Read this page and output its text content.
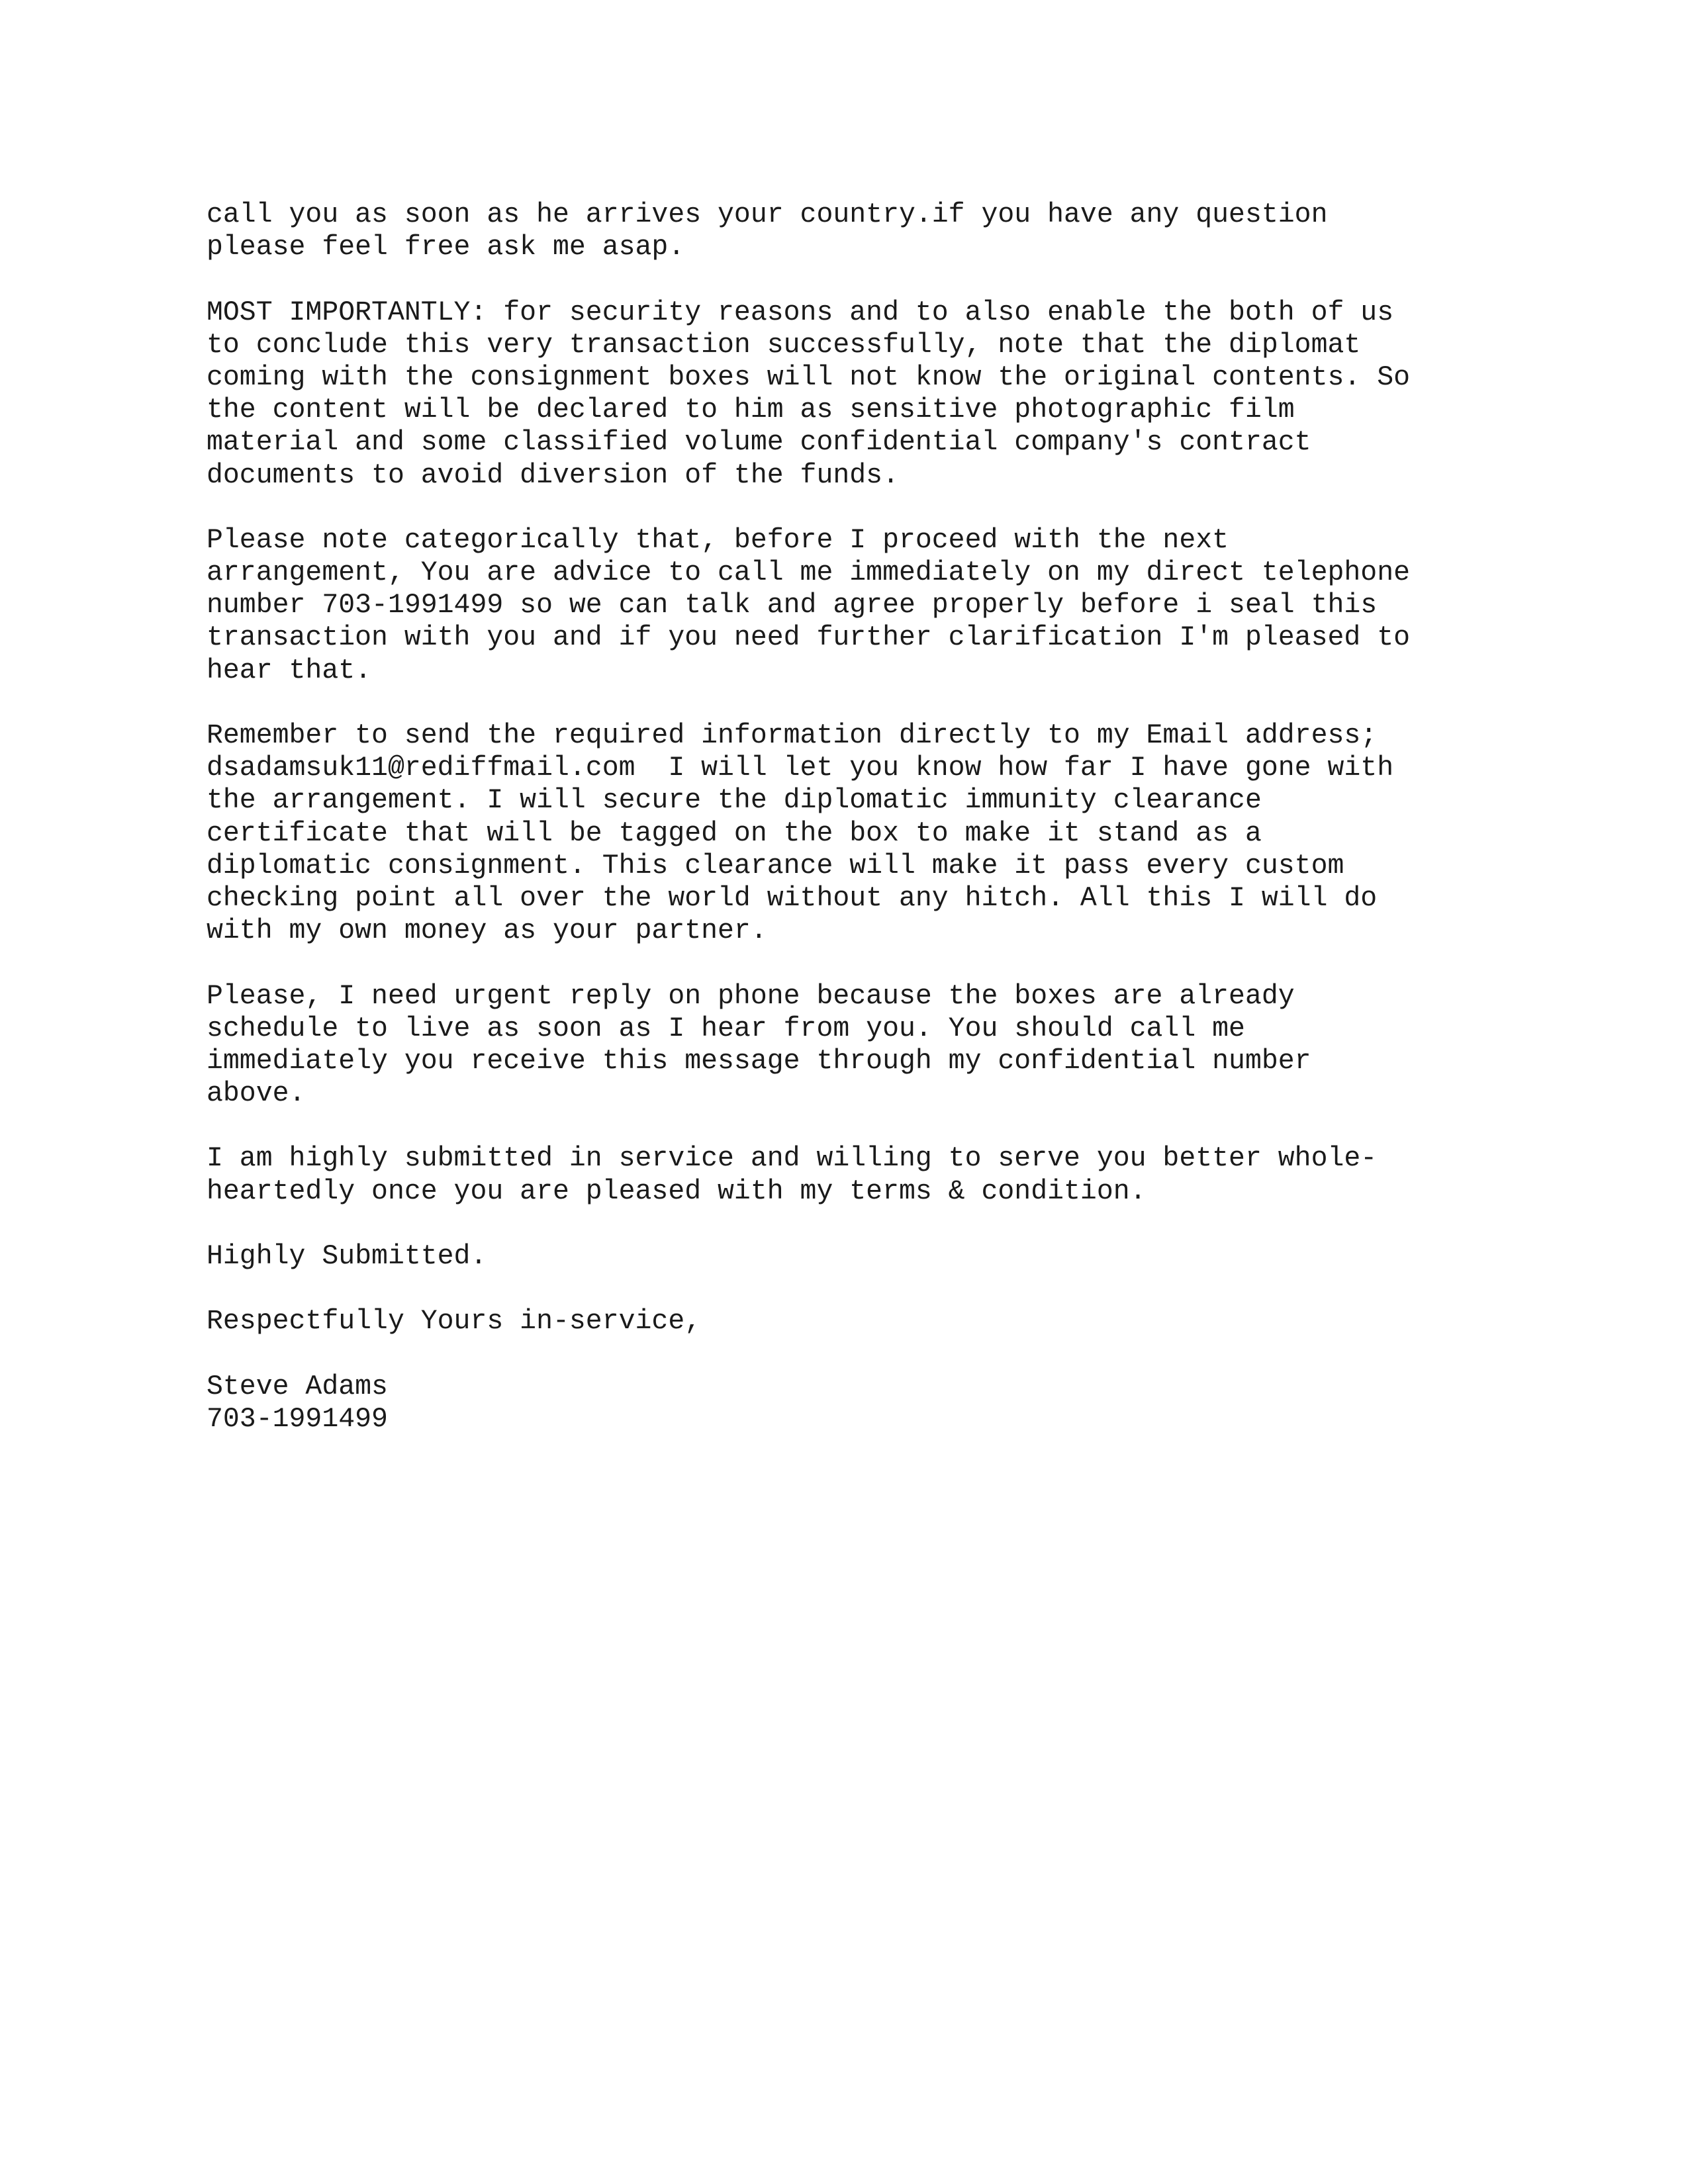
call you as soon as he arrives your country.if you have any question
please feel free ask me asap.
MOST IMPORTANTLY: for security reasons and to also enable the both of us
to conclude this very transaction successfully, note that the diplomat
coming with the consignment boxes will not know the original contents. So
the content will be declared to him as sensitive photographic film
material and some classified volume confidential company's contract
documents to avoid diversion of the funds.
Please note categorically that, before I proceed with the next
arrangement, You are advice to call me immediately on my direct telephone
number 703-1991499 so we can talk and agree properly before i seal this
transaction with you and if you need further clarification I'm pleased to
hear that.
Remember to send the required information directly to my Email address;
dsadamsuk11@rediffmail.com  I will let you know how far I have gone with
the arrangement. I will secure the diplomatic immunity clearance
certificate that will be tagged on the box to make it stand as a
diplomatic consignment. This clearance will make it pass every custom
checking point all over the world without any hitch. All this I will do
with my own money as your partner.
Please, I need urgent reply on phone because the boxes are already
schedule to live as soon as I hear from you. You should call me
immediately you receive this message through my confidential number
above.
I am highly submitted in service and willing to serve you better whole-
heartedly once you are pleased with my terms & condition.
Highly Submitted.
Respectfully Yours in-service,
Steve Adams
703-1991499
